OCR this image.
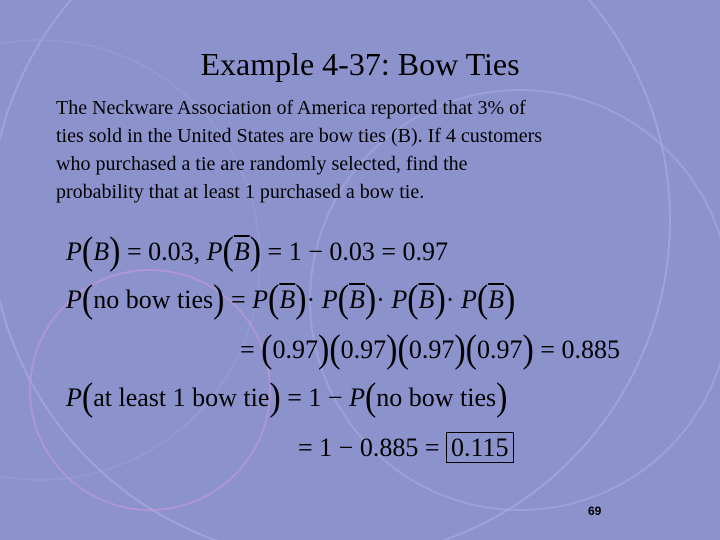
Example 4-37: Bow Ties

The Neckware Association of America reported that 3% of

ties sold in the United States are bow ties (B). If 4 customers

who purchased a tie are randomly selected, find the

probability that at least 1 purchased a bow tie.

P(B) = 0.03, $P(\overline{B}) = 1 - 0.03 = 0.97$
P(no bow ties) = $P(\overline{B})\cdot P(\overline{B})\cdot P(\overline{B})\cdot P(\overline{B})$
= (0.97)(0.97)(0.97)(0.97) = 0.885
P(at least 1 bow tie) = 1 − P(no bow ties)
= 1 − 0.885 = 0.115
69
